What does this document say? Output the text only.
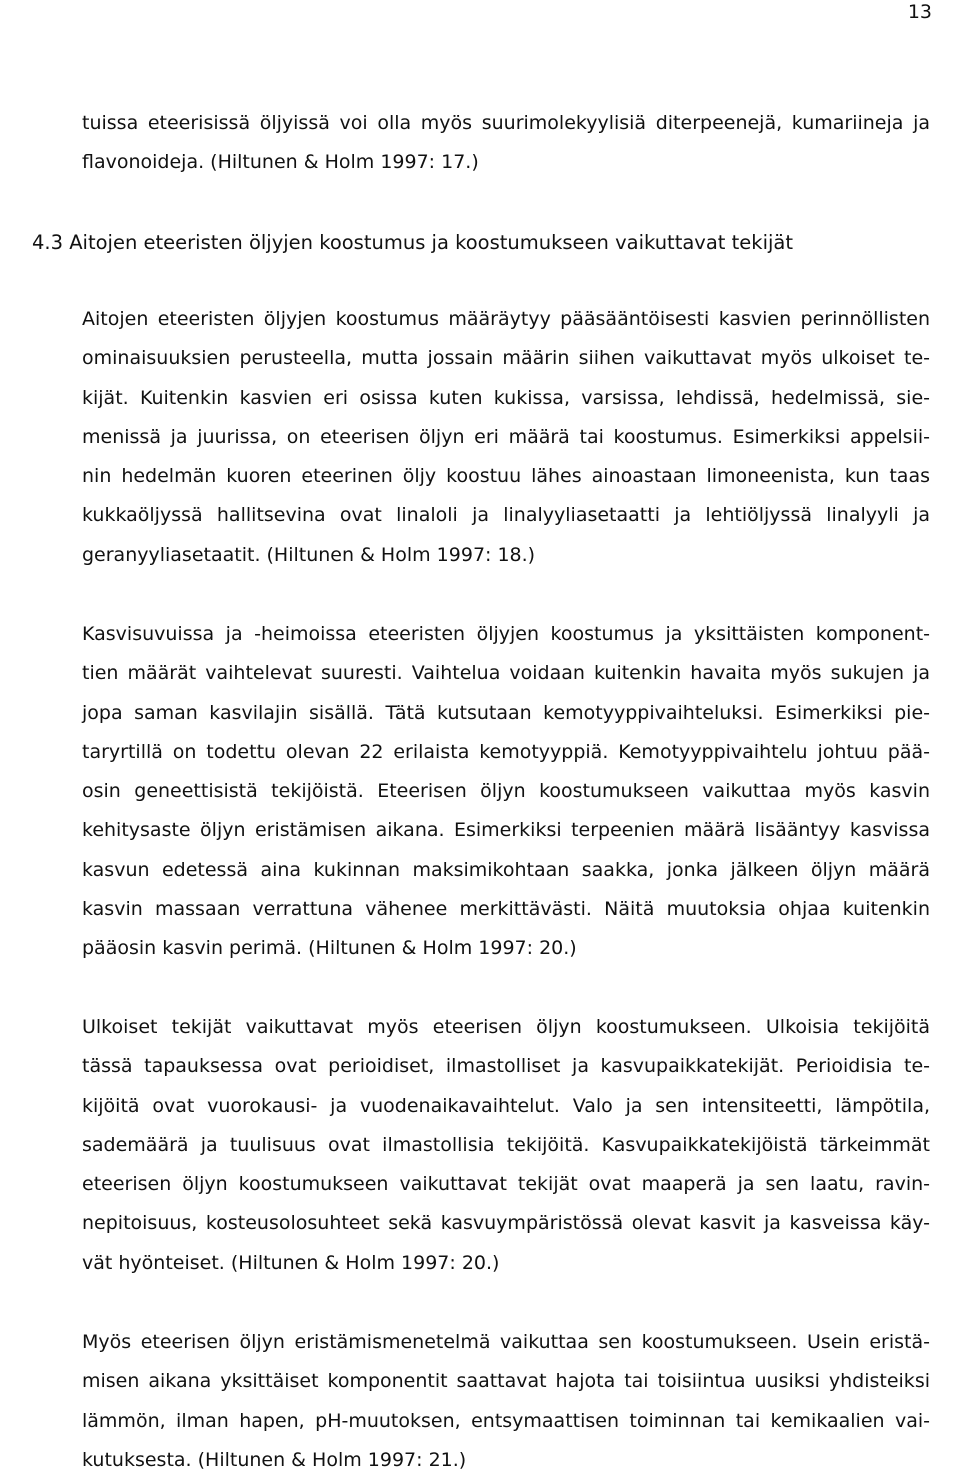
13
tuissa eteerisissä öljyissä voi olla myös suurimolekyylisiä diterpeenejä, kumariineja ja
flavonoideja. (Hiltunen & Holm 1997: 17.)
4.3 Aitojen eteeristen öljyjen koostumus ja koostumukseen vaikuttavat tekijät
Aitojen eteeristen öljyjen koostumus määräytyy pääsääntöisesti kasvien perinnöllisten
ominaisuuksien perusteella, mutta jossain määrin siihen vaikuttavat myös ulkoiset te-
kijät. Kuitenkin kasvien eri osissa kuten kukissa, varsissa, lehdissä, hedelmissä, sie-
menissä ja juurissa, on eteerisen öljyn eri määrä tai koostumus. Esimerkiksi appelsii-
nin hedelmän kuoren eteerinen öljy koostuu lähes ainoastaan limoneenista, kun taas
kukkaöljyssä hallitsevina ovat linaloli ja linalyyliasetaatti ja lehtiöljyssä linalyyli ja
geranyyliasetaatit. (Hiltunen & Holm 1997: 18.)
Kasvisuvuissa ja -heimoissa eteeristen öljyjen koostumus ja yksittäisten komponent-
tien määrät vaihtelevat suuresti. Vaihtelua voidaan kuitenkin havaita myös sukujen ja
jopa saman kasvilajin sisällä. Tätä kutsutaan kemotyyppivaihteluksi. Esimerkiksi pie-
taryrtillä on todettu olevan 22 erilaista kemotyyppiä. Kemotyyppivaihtelu johtuu pää-
osin geneettisistä tekijöistä. Eteerisen öljyn koostumukseen vaikuttaa myös kasvin
kehitysaste öljyn eristämisen aikana. Esimerkiksi terpeenien määrä lisääntyy kasvissa
kasvun edetessä aina kukinnan maksimikohtaan saakka, jonka jälkeen öljyn määrä
kasvin massaan verrattuna vähenee merkittävästi. Näitä muutoksia ohjaa kuitenkin
pääosin kasvin perimä. (Hiltunen & Holm 1997: 20.)
Ulkoiset tekijät vaikuttavat myös eteerisen öljyn koostumukseen. Ulkoisia tekijöitä
tässä tapauksessa ovat perioidiset, ilmastolliset ja kasvupaikkatekijät. Perioidisia te-
kijöitä ovat vuorokausi- ja vuodenaikavaihtelut. Valo ja sen intensiteetti, lämpötila,
sademäärä ja tuulisuus ovat ilmastollisia tekijöitä. Kasvupaikkatekijöistä tärkeimmät
eteerisen öljyn koostumukseen vaikuttavat tekijät ovat maaperä ja sen laatu, ravin-
nepitoisuus, kosteusolosuhteet sekä kasvuympäristössä olevat kasvit ja kasveissa käy-
vät hyönteiset. (Hiltunen & Holm 1997: 20.)
Myös eteerisen öljyn eristämismenetelmä vaikuttaa sen koostumukseen. Usein eristä-
misen aikana yksittäiset komponentit saattavat hajota tai toisiintua uusiksi yhdisteiksi
lämmön, ilman hapen, pH-muutoksen, entsymaattisen toiminnan tai kemikaalien vai-
kutuksesta. (Hiltunen & Holm 1997: 21.)
